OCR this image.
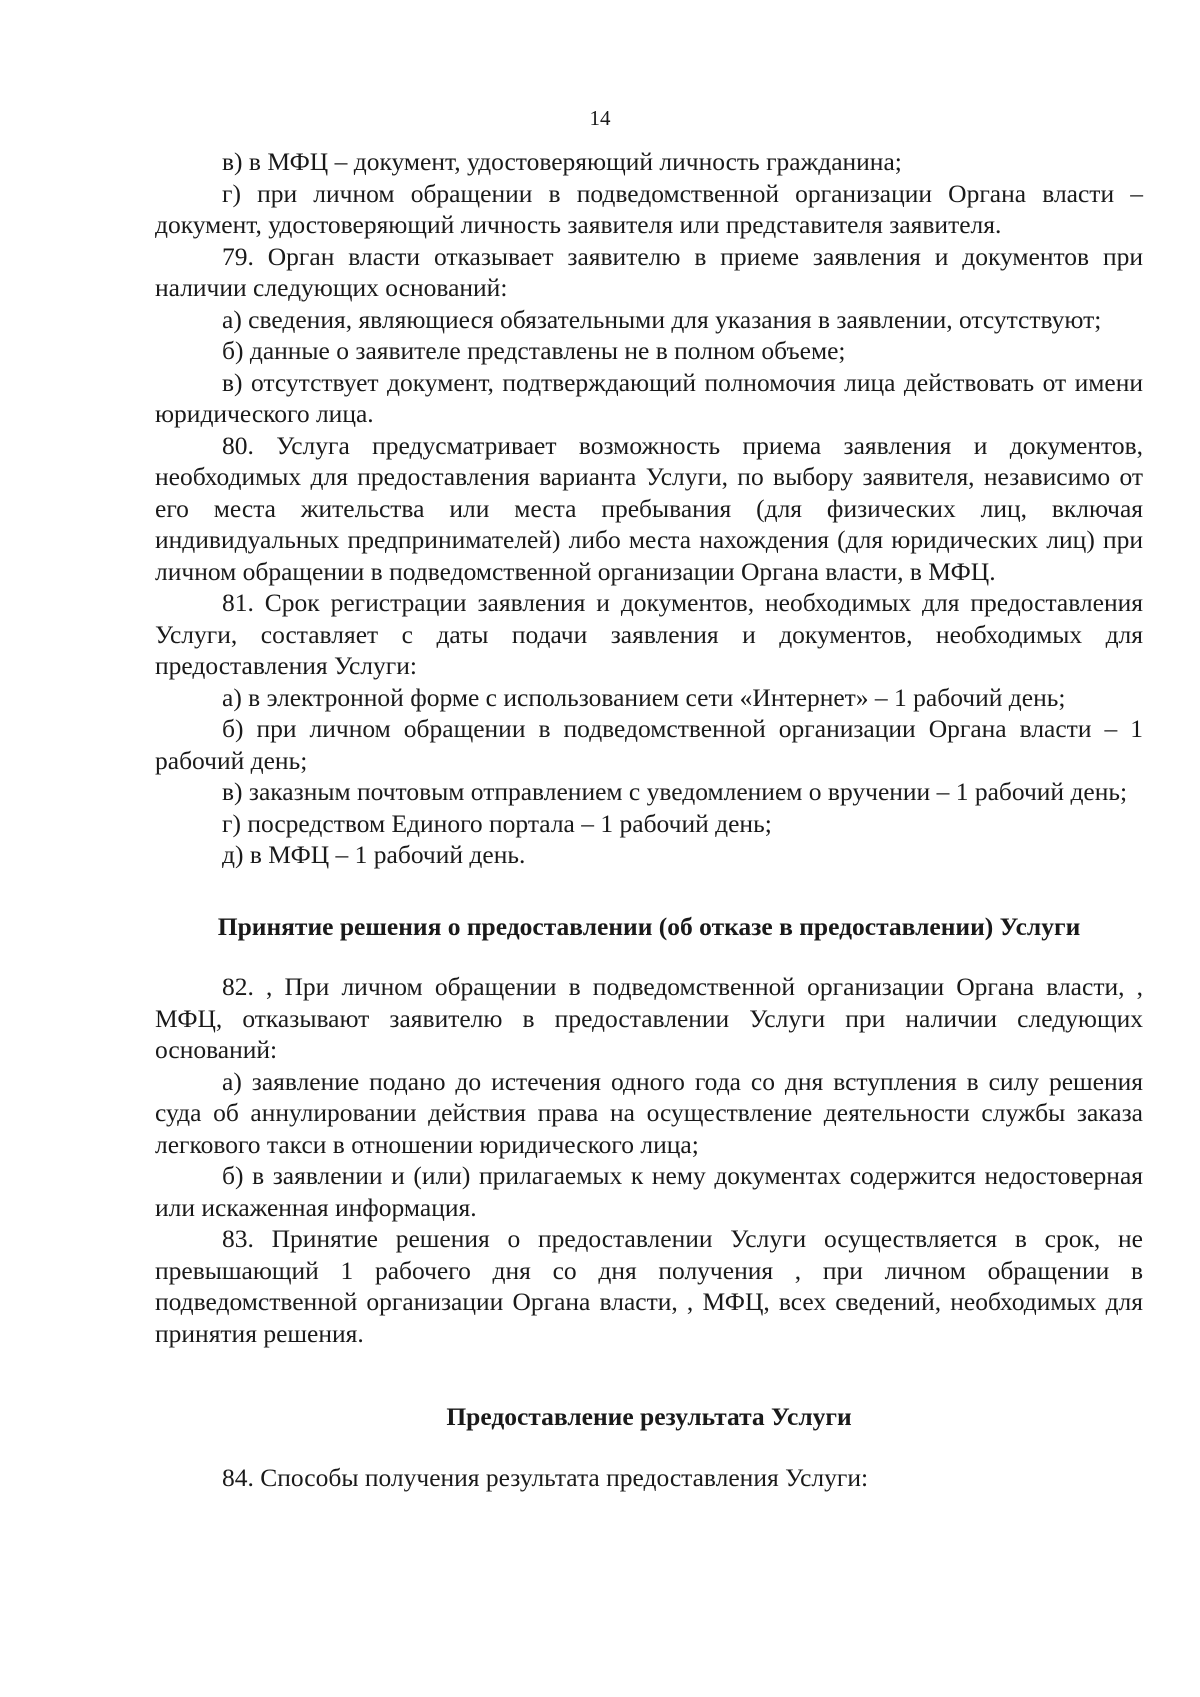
14

в) в МФЦ – документ, удостоверяющий личность гражданина;

г) при личном обращении в подведомственной организации Органа власти – документ, удостоверяющий личность заявителя или представителя заявителя.

79. Орган власти отказывает заявителю в приеме заявления и документов при наличии следующих оснований:

а) сведения, являющиеся обязательными для указания в заявлении, отсутствуют;

б) данные о заявителе представлены не в полном объеме;

в) отсутствует документ, подтверждающий полномочия лица действовать от имени юридического лица.

80. Услуга предусматривает возможность приема заявления и документов, необходимых для предоставления варианта Услуги, по выбору заявителя, независимо от его места жительства или места пребывания (для физических лиц, включая индивидуальных предпринимателей) либо места нахождения (для юридических лиц) при личном обращении в подведомственной организации Органа власти, в МФЦ.

81. Срок регистрации заявления и документов, необходимых для предоставления Услуги, составляет с даты подачи заявления и документов, необходимых для предоставления Услуги:

а) в электронной форме с использованием сети «Интернет» – 1 рабочий день;

б) при личном обращении в подведомственной организации Органа власти – 1 рабочий день;

в) заказным почтовым отправлением с уведомлением о вручении – 1 рабочий день;

г) посредством Единого портала – 1 рабочий день;

д) в МФЦ – 1 рабочий день.

Принятие решения о предоставлении (об отказе в предоставлении) Услуги

82. , При личном обращении в подведомственной организации Органа власти, , МФЦ, отказывают заявителю в предоставлении Услуги при наличии следующих оснований:

а) заявление подано до истечения одного года со дня вступления в силу решения суда об аннулировании действия права на осуществление деятельности службы заказа легкового такси в отношении юридического лица;

б) в заявлении и (или) прилагаемых к нему документах содержится недостоверная или искаженная информация.

83. Принятие решения о предоставлении Услуги осуществляется в срок, не превышающий 1 рабочего дня со дня получения , при личном обращении в подведомственной организации Органа власти, , МФЦ, всех сведений, необходимых для принятия решения.

Предоставление результата Услуги

84. Способы получения результата предоставления Услуги:
